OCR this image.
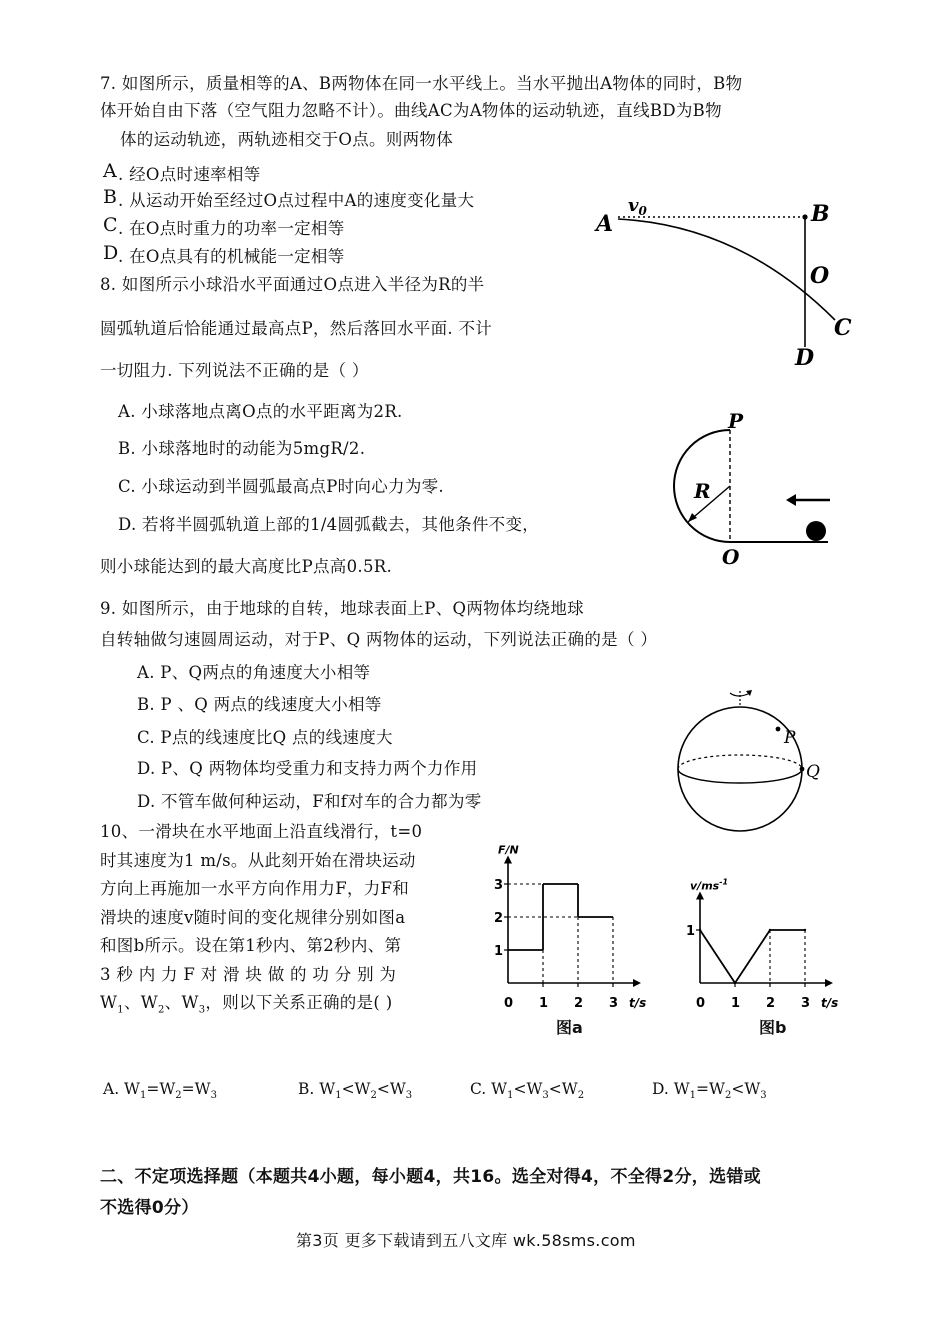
7. 如图所示，质量相等的A、B两物体在同一水平线上。当水平抛出A物体的同时，B物
体开始自由下落（空气阻力忽略不计）。曲线AC为A物体的运动轨迹，直线BD为B物
体的运动轨迹，两轨迹相交于O点。则两物体
A . 经O点时速率相等
B . 从运动开始至经过O点过程中A的速度变化量大
C . 在O点时重力的功率一定相等
D . 在O点具有的机械能一定相等
A
$v_0$	B
O
C
D
8. 如图所示小球沿水平面通过O点进入半径为R的半
圆弧轨道后恰能通过最高点P，然后落回水平面. 不计
一切阻力. 下列说法不正确的是（ ）
A. 小球落地点离O点的水平距离为2R.
B. 小球落地时的动能为5mgR/2.
C. 小球运动到半圆弧最高点P时向心力为零.
D. 若将半圆弧轨道上部的1/4圆弧截去，其他条件不变，
则小球能达到的最大高度比P点高0.5R.
P
R
O
9. 如图所示，由于地球的自转，地球表面上P、Q两物体均绕地球
自转轴做匀速圆周运动，对于P、Q 两物体的运动，下列说法正确的是（ ）
A. P、Q两点的角速度大小相等
B. P 、Q 两点的线速度大小相等
C. P点的线速度比Q 点的线速度大
D. P、Q 两物体均受重力和支持力两个力作用
D. 不管车做何种运动，F和f对车的合力都为零
P
Q
10、一滑块在水平地面上沿直线滑行，t=0
时其速度为1 m/s。从此刻开始在滑块运动
方向上再施加一水平方向作用力F，力F和
滑块的速度v随时间的变化规律分别如图a
和图b所示。设在第1秒内、第2秒内、第
3 秒 内 力 F 对 滑 块 做 的 功 分 别 为
$W_1$、$W_2$、$W_3$，则以下关系正确的是( )	t/s
F/N
0 1 2 3
1
2
3
图a
t/s
$v/ms^{-1}$
0 1 2 3
1
图b
A. $W_1=W_2=W_3$	B. $W_1<W_2<W_3$	C. $W_1<W_3<W_2$	D. $W_1=W_2<W_3$
二、不定项选择题（本题共4小题，每小题4，共16。选全对得4，不全得2分，选错或
不选得0分）
第3页 更多下载请到五八文库 wk.58sms.com
